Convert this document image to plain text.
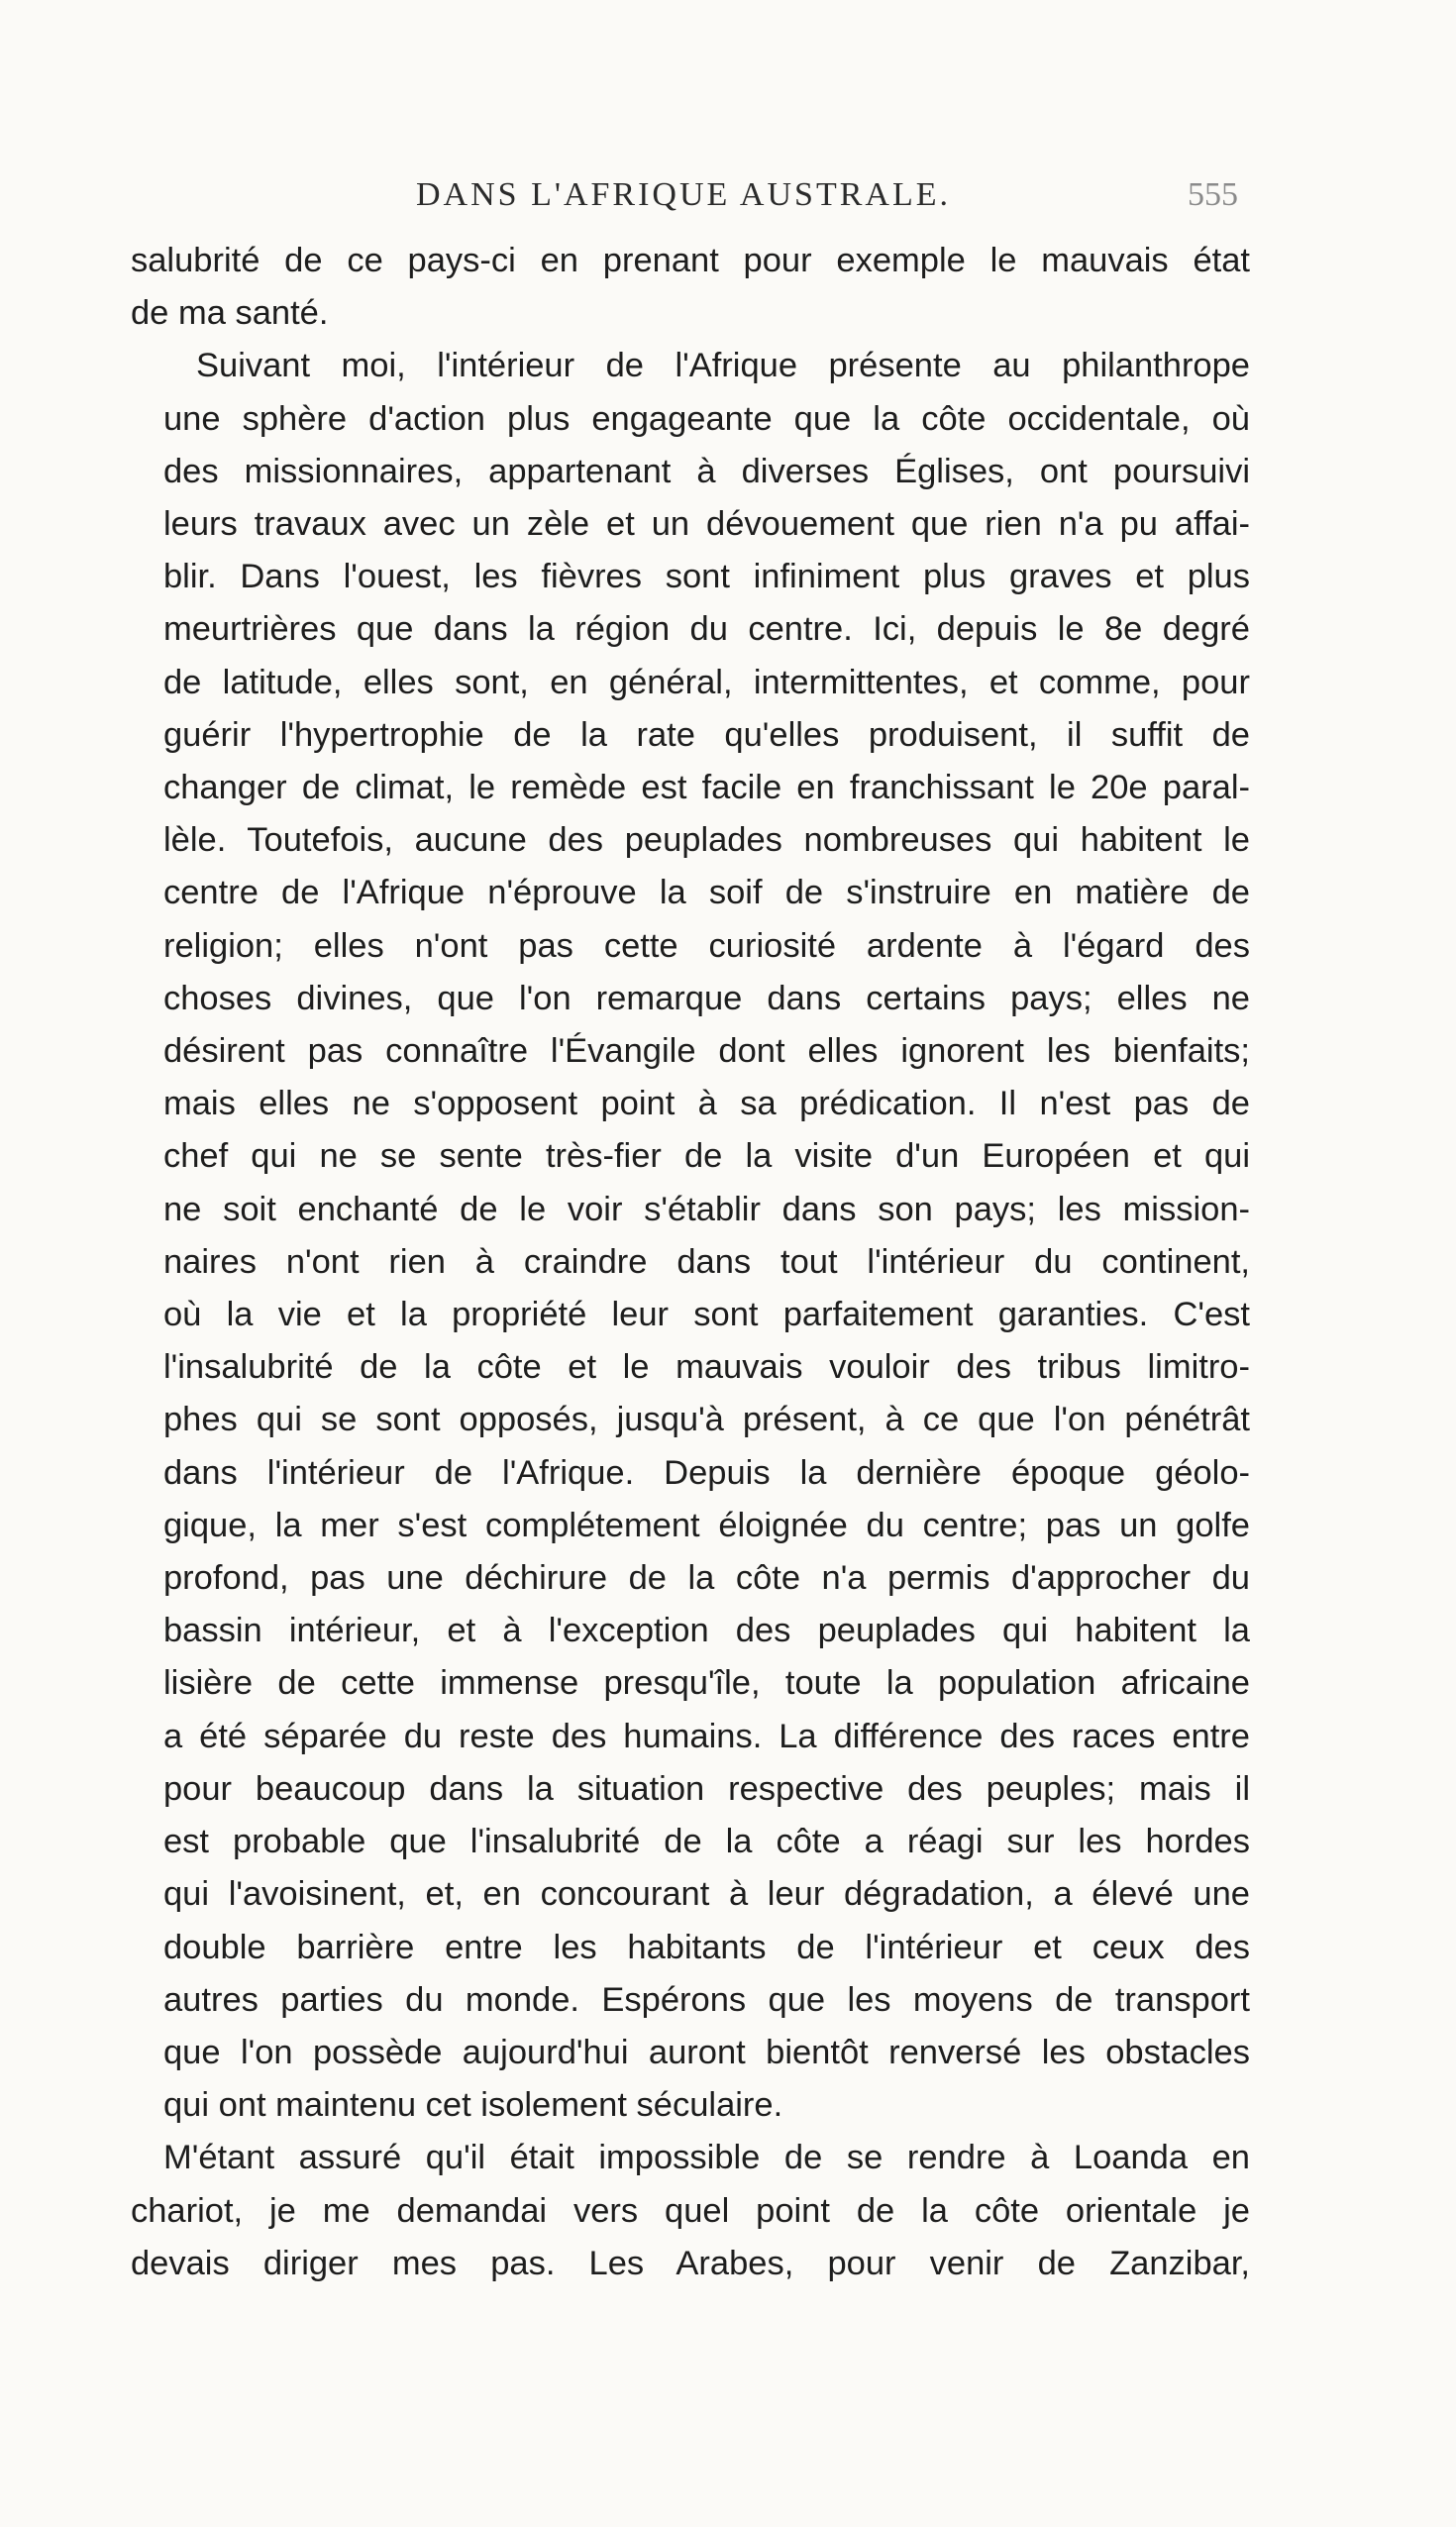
DANS L'AFRIQUE AUSTRALE.	555

salubrité de ce pays-ci en prenant pour exemple le mauvais état
de ma santé.

Suivant moi, l'intérieur de l'Afrique présente au philanthrope
une sphère d'action plus engageante que la côte occidentale, où
des missionnaires, appartenant à diverses Églises, ont poursuivi
leurs travaux avec un zèle et un dévouement que rien n'a pu affai-
blir. Dans l'ouest, les fièvres sont infiniment plus graves et plus
meurtrières que dans la région du centre. Ici, depuis le 8e degré
de latitude, elles sont, en général, intermittentes, et comme, pour
guérir l'hypertrophie de la rate qu'elles produisent, il suffit de
changer de climat, le remède est facile en franchissant le 20e paral-
lèle. Toutefois, aucune des peuplades nombreuses qui habitent le
centre de l'Afrique n'éprouve la soif de s'instruire en matière de
religion; elles n'ont pas cette curiosité ardente à l'égard des
choses divines, que l'on remarque dans certains pays; elles ne
désirent pas connaître l'Évangile dont elles ignorent les bienfaits;
mais elles ne s'opposent point à sa prédication. Il n'est pas de
chef qui ne se sente très-fier de la visite d'un Européen et qui
ne soit enchanté de le voir s'établir dans son pays; les mission-
naires n'ont rien à craindre dans tout l'intérieur du continent,
où la vie et la propriété leur sont parfaitement garanties. C'est
l'insalubrité de la côte et le mauvais vouloir des tribus limitro-
phes qui se sont opposés, jusqu'à présent, à ce que l'on pénétrât
dans l'intérieur de l'Afrique. Depuis la dernière époque géolo-
gique, la mer s'est complétement éloignée du centre; pas un golfe
profond, pas une déchirure de la côte n'a permis d'approcher du
bassin intérieur, et à l'exception des peuplades qui habitent la
lisière de cette immense presqu'île, toute la population africaine
a été séparée du reste des humains. La différence des races entre
pour beaucoup dans la situation respective des peuples; mais il
est probable que l'insalubrité de la côte a réagi sur les hordes
qui l'avoisinent, et, en concourant à leur dégradation, a élevé une
double barrière entre les habitants de l'intérieur et ceux des
autres parties du monde. Espérons que les moyens de transport
que l'on possède aujourd'hui auront bientôt renversé les obstacles
qui ont maintenu cet isolement séculaire.

M'étant assuré qu'il était impossible de se rendre à Loanda en
chariot, je me demandai vers quel point de la côte orientale je
devais diriger mes pas. Les Arabes, pour venir de Zanzibar,
